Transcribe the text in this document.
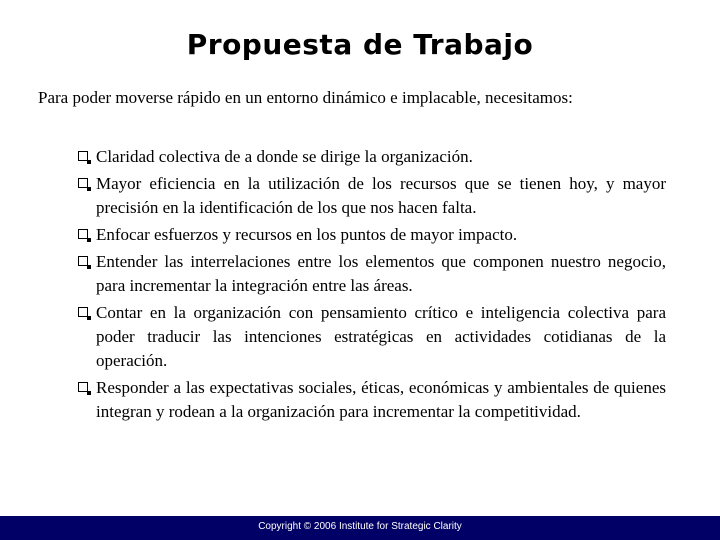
Propuesta de Trabajo

Para poder moverse rápido en un entorno dinámico e implacable, necesitamos:

Claridad colectiva de a donde se dirige la organización.
Mayor eficiencia en la utilización de los recursos que se tienen hoy, y mayor precisión en la identificación de los que nos hacen falta.
Enfocar esfuerzos y recursos en los puntos de mayor impacto.
Entender las interrelaciones entre los elementos que componen nuestro negocio, para incrementar la integración entre las áreas.
Contar en la organización con pensamiento crítico e inteligencia colectiva para poder traducir las intenciones estratégicas en actividades cotidianas de la operación.
Responder a las expectativas sociales, éticas, económicas y ambientales de quienes integran y rodean a la organización para incrementar la competitividad.
Copyright © 2006 Institute for Strategic Clarity
